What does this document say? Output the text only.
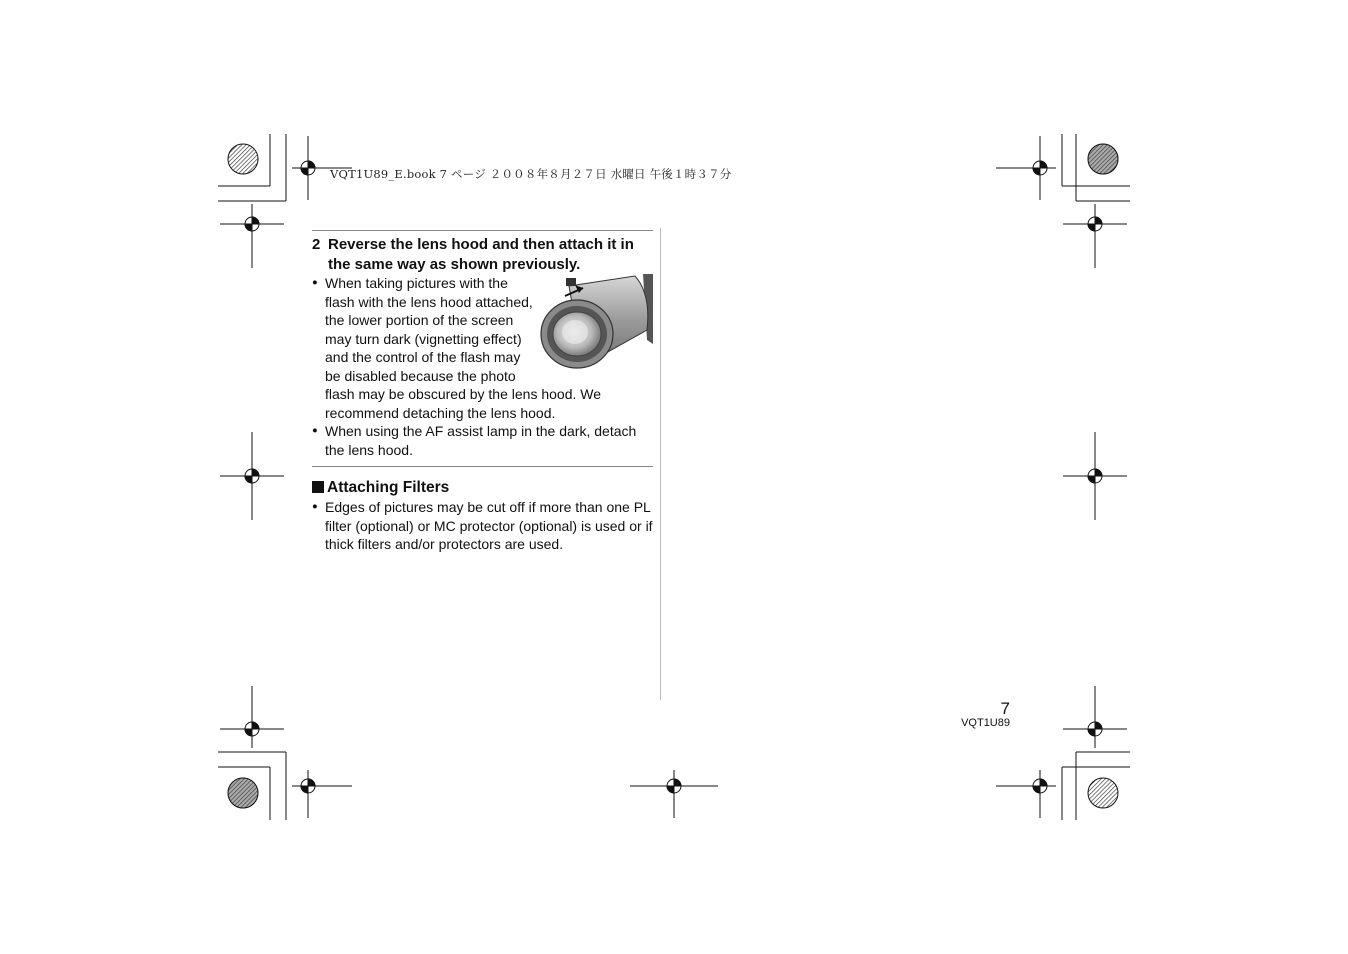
VQT1U89_E.book 7 ページ ２００８年８月２７日 水曜日 午後１時３７分
2 Reverse the lens hood and then attach it in the same way as shown previously.
● When taking pictures with the flash with the lens hood attached, the lower portion of the screen may turn dark (vignetting effect) and the control of the flash may be disabled because the photo flash may be obscured by the lens hood. We recommend detaching the lens hood.
● When using the AF assist lamp in the dark, detach the lens hood.
Attaching Filters
● Edges of pictures may be cut off if more than one PL filter (optional) or MC protector (optional) is used or if thick filters and/or protectors are used.
7
VQT1U89
